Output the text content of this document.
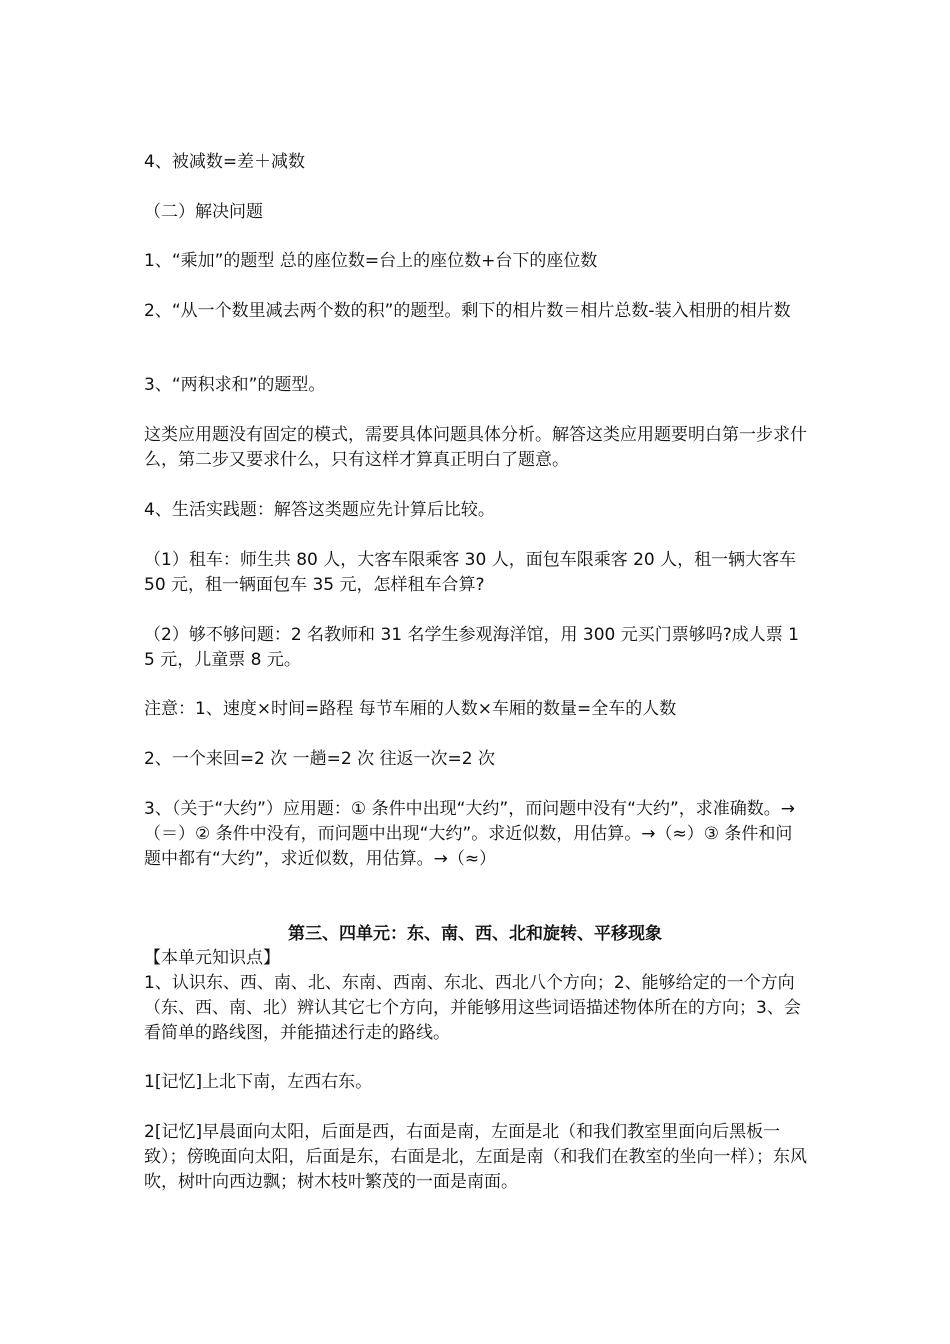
4、被减数=差＋减数

（二）解决问题

1、“乘加”的题型 总的座位数=台上的座位数+台下的座位数

2、“从一个数里减去两个数的积”的题型。剩下的相片数＝相片总数-装入相册的相片数

3、“两积求和”的题型。

这类应用题没有固定的模式，需要具体问题具体分析。解答这类应用题要明白第一步求什么，第二步又要求什么，只有这样才算真正明白了题意。

4、生活实践题：解答这类题应先计算后比较。

（1）租车：师生共 80 人，大客车限乘客 30 人，面包车限乘客 20 人，租一辆大客车 50 元，租一辆面包车 35 元，怎样租车合算?

（2）够不够问题：2 名教师和 31 名学生参观海洋馆，用 300 元买门票够吗?成人票 15 元，儿童票 8 元。

注意：1、速度×时间=路程 每节车厢的人数×车厢的数量=全车的人数

2、一个来回=2 次 一趟=2 次 往返一次=2 次

3、（关于“大约”）应用题：① 条件中出现“大约”，而问题中没有“大约”，求准确数。→（＝）② 条件中没有，而问题中出现“大约”。求近似数，用估算。→（≈）③ 条件和问题中都有“大约”，求近似数，用估算。→（≈）

第三、四单元：东、南、西、北和旋转、平移现象

【本单元知识点】

1、认识东、西、南、北、东南、西南、东北、西北八个方向；2、能够给定的一个方向（东、西、南、北）辨认其它七个方向，并能够用这些词语描述物体所在的方向；3、会看简单的路线图，并能描述行走的路线。

1[记忆]上北下南，左西右东。

2[记忆]早晨面向太阳，后面是西，右面是南，左面是北（和我们教室里面向后黑板一致）；傍晚面向太阳，后面是东，右面是北，左面是南（和我们在教室的坐向一样）；东风吹，树叶向西边飘；树木枝叶繁茂的一面是南面。
